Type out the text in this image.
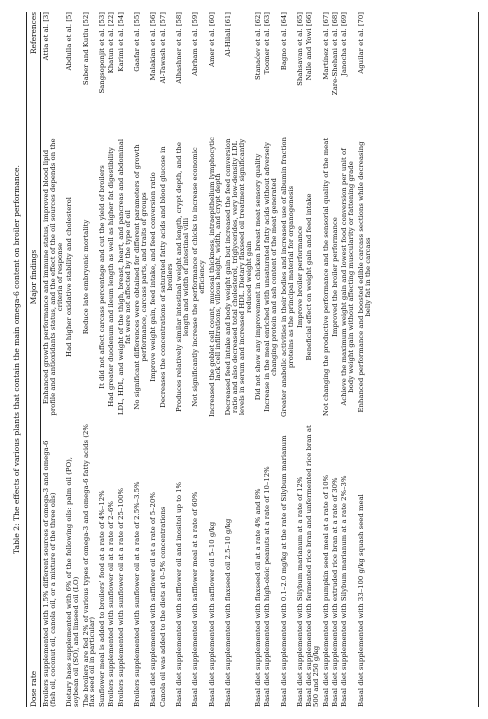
Table 2: The effects of various plants that contain the main omega-6 content on broiler performance.
Dose rate
Major findings
References
Broilers supplemented with 1.5% different sources of omega-3 and omega-6
(fish oil, coconut oil, canola oil, or a mixture of the three oils)
Enhanced growth performance and immune status, improved blood lipid
profile and antioxidants status, and the effect of the oil sources depends on the
criteria of response
Attia et al. [3]
Dietary base supplemented with 6% of the following oils: palm oil (PO),
soybean oil (SO), and linseed oil (LO)
Had higher oxidative stability and cholesterol
Abdulla et al. [5]
The broilers are fed 2% of various types of omega-3 and omega-6 fatty acids (2%
flax seed oil in particular)
Reduce late embryonic mortality
Saber and Kutlu [52]
Sunflower meal is added to broilers' food at a rate of 4%–12%
It did not affect carcass percentage and cut the yield of broilers
Sangsoponjit et al. [53]
Broilers supplemented with sunflower oil at a rate of 2–6%
Had greater duodenum and ileum length as well as higher fat digestibility
Khatun et al. [22]
Broilers supplemented with sunflower oil at a rate of 25–100%
LDL, HDL, and weight of the thigh, breast, heart, and pancreas and abdominal
fat were not affected by the type of oil
Karimi et al. [54]
Broilers supplemented with sunflower oil at a rate of 2.5%–3.5%
No significant differences were obtained for different parameters of growth
performance, carcass parts, and traits of groups
Gaafar et al. [55]
Basal diet supplemented with safflower oil at a rate of 5–20%
Improve weight gain, feed intake, and feed conversion ratio
Malakian et al. [56]
Canola oil was added to the diets at 0–5% concentrations
Decreases the concentrations of saturated fatty acids and blood glucose in
broilers
Al-Tawash et al. [57]
Basal diet supplemented with safflower oil and inositol up to 1%
Produces relatively similar intestinal weight and length, crypt depth, and the
length and width of intestinal villi
Alhashner et al. [58]
Basal diet supplemented with safflower meal at a rate of 60%
Not significantly increase the performance of chicks to increase economic
efficiency
Abrham et al. [59]
Basal diet supplemented with safflower oil 5–10 g/kg
Increased the goblet cell count, mucosal thickness, intraepithelium lymphocytic
lack cell infiltrations, villous height, width, and crypt depth
Amer et al. [60]
Basal diet supplemented with flaxseed oil 2.5–10 g/kg
Decreased feed intake and body weight gain but increased the feed conversion
ratio and also decreased total cholesterol, triglycerides, very low-density LDL
levels in serum and increased HDL. Dietary flaxseed oil treatment significantly
reduced weight gain
Al-Hilali [61]
Basal diet supplemented with flaxseed oil at a rate 4% and 8%
Did not show any improvement in chicken breast meat sensory quality
Stanaćev et al. [62]
Basal diet supplemented with high-oleic peanuts at a rate of 10–12%
Increase in the meal enriched with unsaturated fatty acids without adversely
changing protein and ash content of the meat generated
Toomer et al. [63]
Basal diet supplemented with 0.1–2.0 mg/kg at the rate of Silybum marianum
Greater anabolic activities in their bodies and increased use of albumin fraction
proteins as the principal material for organogenesis
Bagno et al. [64]
Basal diet supplemented with Silybum marianum at a rate of 12%
Improve broiler performance
Shahsavan et al. [65]
Basal diet supplemented with fermented rice bran and unfermented rice bran at
500 and 250 g/kg
Beneficial effect on weight gain and feed intake
Nalle and Yowi [66]
Basal diet supplemented with pumpkin seed meal at a rate of 10%
Not changing the productive performance and the sensorial quality of the meat
Martínez et al. [67]
Basal diet supplemented with extruded rice bran at a rate of 30%
Improved the broiler performance
Zare-Shehani et al. [68]
Basal diet supplemented with Silybum marianum at a rate 2%–3%
Achieve the maximum weight gain and lowest food conversion per unit of
body weight gain without affecting muscularity or fattening grade
Janocha et al. [69]
Basal diet supplemented with 33–100 g/kg squash seed meal
Enhanced performance and boosted edible carcass sections while decreasing
belly fat in the carcass
Aguilar et al. [70]
